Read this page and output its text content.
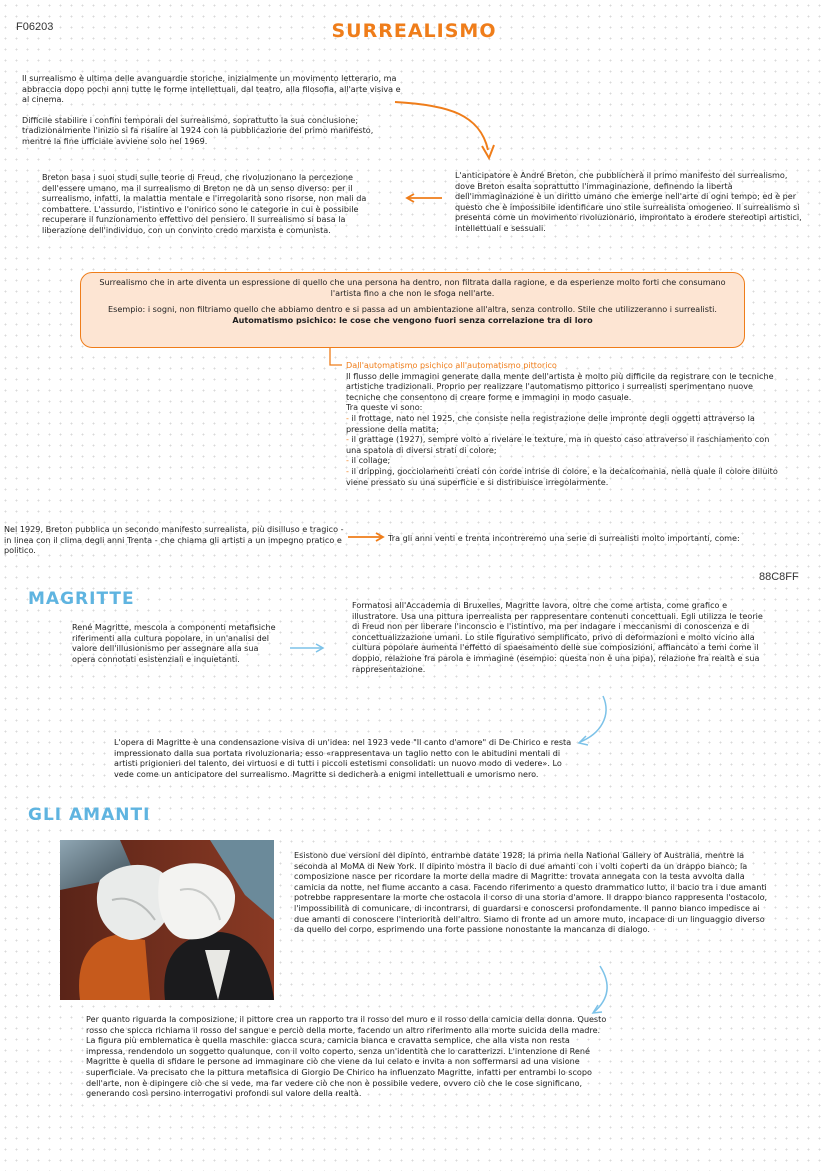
F06203	SURREALISMO

Il surrealismo è ultima delle avanguardie storiche, inizialmente un movimento letterario, ma abbraccia dopo pochi anni tutte le forme intellettuali, dal teatro, alla filosofia, all'arte visiva e al cinema.

Difficile stabilire i confini temporali del surrealismo, soprattutto la sua conclusione; tradizionalmente l'inizio si fa risalire al 1924 con la pubblicazione del primo manifesto, mentre la fine ufficiale avviene solo nel 1969.

L'anticipatore è André Breton, che pubblicherà il primo manifesto del surrealismo, dove Breton esalta soprattutto l'immaginazione, definendo la libertà dell'immaginazione è un diritto umano che emerge nell'arte di ogni tempo; ed è per questo che è impossibile identificare uno stile surrealista omogeneo. Il surrealismo si presenta come un movimento rivoluzionario, improntato a erodere stereotipi artistici, intellettuali e sessuali.

Breton basa i suoi studi sulle teorie di Freud, che rivoluzionano la percezione dell'essere umano, ma il surrealismo di Breton ne dà un senso diverso: per il surrealismo, infatti, la malattia mentale e l'irregolarità sono risorse, non mali da combattere. L'assurdo, l'istintivo e l'onirico sono le categorie in cui è possibile recuperare il funzionamento effettivo del pensiero. Il surrealismo si basa la liberazione dell'individuo, con un convinto credo marxista e comunista.

Surrealismo che in arte diventa un espressione di quello che una persona ha dentro, non filtrata dalla ragione, e da esperienze molto forti che consumano l'artista fino a che non le sfoga nell'arte.

Esempio: i sogni, non filtriamo quello che abbiamo dentro e si passa ad un ambientazione all'altra, senza controllo. Stile che utilizzeranno i surrealisti.

Automatismo psichico: le cose che vengono fuori senza correlazione tra di loro

Dall'automatismo psichico all'automatismo pittorico

Il flusso delle immagini generate dalla mente dell'artista è molto più difficile da registrare con le tecniche artistiche tradizionali. Proprio per realizzare l'automatismo pittorico i surrealisti sperimentano nuove tecniche che consentono di creare forme e immagini in modo casuale.

Tra queste vi sono:

- il frottage, nato nel 1925, che consiste nella registrazione delle impronte degli oggetti attraverso la pressione della matita;

- il grattage (1927), sempre volto a rivelare le texture, ma in questo caso attraverso il raschiamento con una spatola di diversi strati di colore;

- il collage;

- il dripping, gocciolamenti creati con corde intrise di colore, e la decalcomania, nella quale il colore diluito viene pressato su una superficie e si distribuisce irregolarmente.

Nel 1929, Breton pubblica un secondo manifesto surrealista, più disilluso e tragico - in linea con il clima degli anni Trenta - che chiama gli artisti a un impegno pratico e politico.

Tra gli anni venti e trenta incontreremo una serie di surrealisti molto importanti, come:
88C8FF
MAGRITTE
René Magritte, mescola a componenti metafisiche riferimenti alla cultura popolare, in un'analisi del valore dell'illusionismo per assegnare alla sua opera connotati esistenziali e inquietanti.
Formatosi all'Accademia di Bruxelles, Magritte lavora, oltre che come artista, come grafico e illustratore. Usa una pittura iperrealista per rappresentare contenuti concettuali. Egli utilizza le teorie di Freud non per liberare l'inconscio e l'istintivo, ma per indagare i meccanismi di conoscenza e di concettualizzazione umani. Lo stile figurativo semplificato, privo di deformazioni e molto vicino alla cultura popolare aumenta l'effetto di spaesamento delle sue composizioni, affiancato a temi come il doppio, relazione fra parola e immagine (esempio: questa non è una pipa), relazione fra realtà e sua rappresentazione.
L'opera di Magritte è una condensazione visiva di un'idea: nel 1923 vede "Il canto d'amore" di De Chirico e resta impressionato dalla sua portata rivoluzionaria; esso «rappresentava un taglio netto con le abitudini mentali di artisti prigionieri del talento, dei virtuosi e di tutti i piccoli estetismi consolidati: un nuovo modo di vedere». Lo vede come un anticipatore del surrealismo. Magritte si dedicherà a enigmi intellettuali e umorismo nero.
GLI AMANTI
Esistono due versioni del dipinto, entrambe datate 1928; la prima nella National Gallery of Australia, mentre la seconda al MoMA di New York. Il dipinto mostra il bacio di due amanti con i volti coperti da un drappo bianco; la composizione nasce per ricordare la morte della madre di Magritte: trovata annegata con la testa avvolta dalla camicia da notte, nel fiume accanto a casa. Facendo riferimento a questo drammatico lutto, il bacio tra i due amanti potrebbe rappresentare la morte che ostacola il corso di una storia d'amore. Il drappo bianco rappresenta l'ostacolo, l'impossibilità di comunicare, di incontrarsi, di guardarsi e conoscersi profondamente. Il panno bianco impedisce ai due amanti di conoscere l'interiorità dell'altro. Siamo di fronte ad un amore muto, incapace di un linguaggio diverso da quello del corpo, esprimendo una forte passione nonostante la mancanza di dialogo.
Per quanto riguarda la composizione, il pittore crea un rapporto tra il rosso del muro e il rosso della camicia della donna. Questo rosso che spicca richiama il rosso del sangue e perciò della morte, facendo un altro riferimento alla morte suicida della madre. La figura più emblematica è quella maschile: giacca scura, camicia bianca e cravatta semplice, che alla vista non resta impressa, rendendolo un soggetto qualunque, con il volto coperto, senza un'identità che lo caratterizzi. L'intenzione di René Magritte è quella di sfidare le persone ad immaginare ciò che viene da lui celato e invita a non soffermarsi ad una visione superficiale. Va precisato che la pittura metafisica di Giorgio De Chirico ha influenzato Magritte, infatti per entrambi lo scopo dell'arte, non è dipingere ciò che si vede, ma far vedere ciò che non è possibile vedere, ovvero ciò che le cose significano, generando così persino interrogativi profondi sul valore della realtà.
